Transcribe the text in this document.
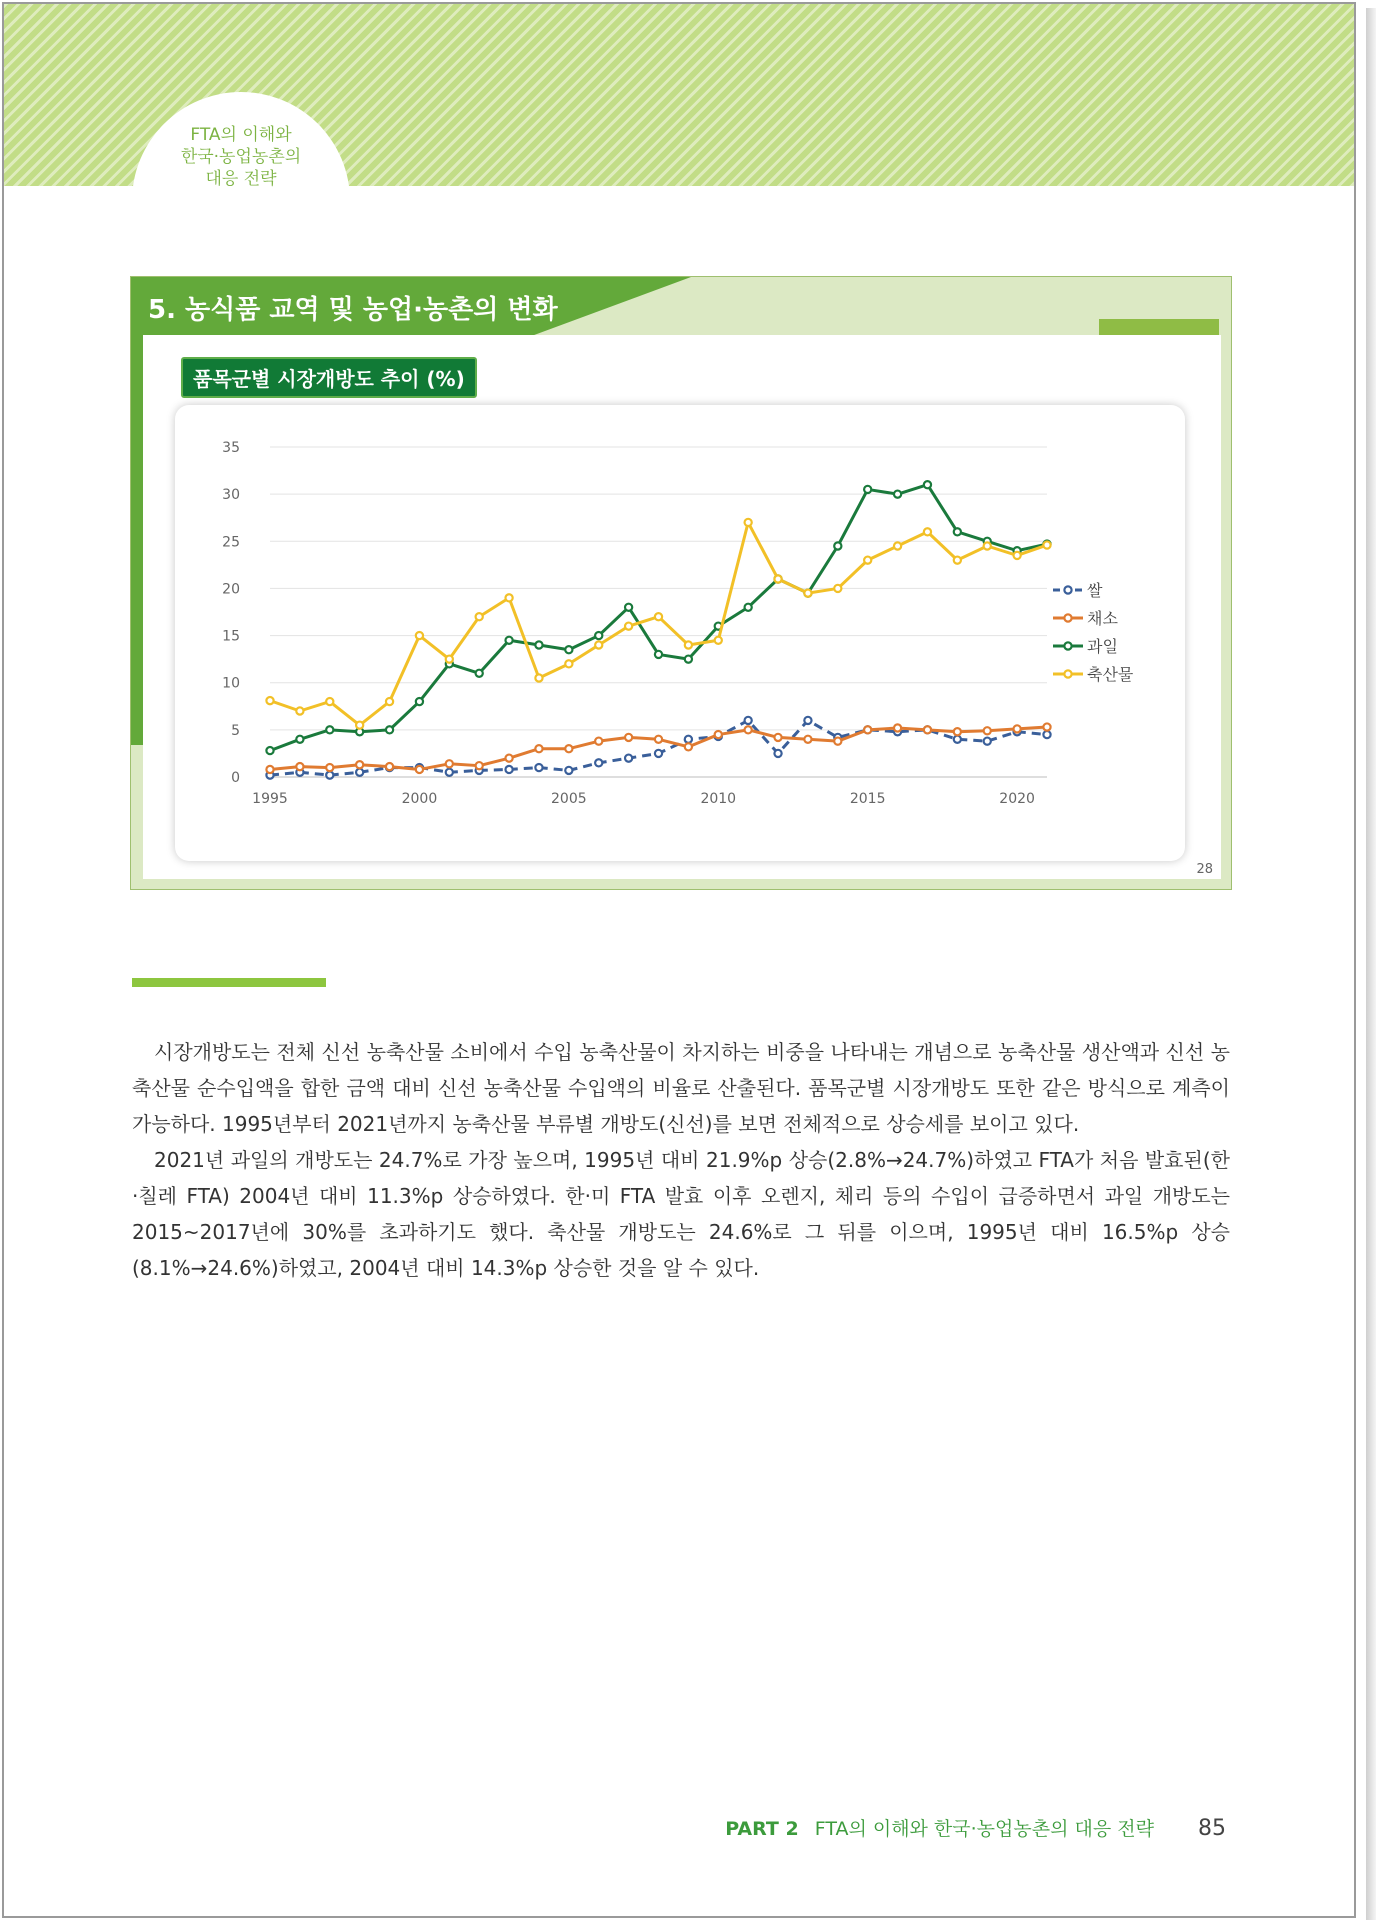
FTA의 이해와
한국·농업농촌의
대응 전략
5. 농식품 교역 및 농업·농촌의 변화
품목군별 시장개방도 추이 (%)
0
5
10
15
20
25
30
35
1995	2000	2005	2010	2015	2020
쌀
채소
과일
축산물
28

시장개방도는 전체 신선 농축산물 소비에서 수입 농축산물이 차지하는 비중을 나타내는 개념으로 농축산물 생산액과 신선 농축산물 순수입액을 합한 금액 대비 신선 농축산물 수입액의 비율로 산출된다. 품목군별 시장개방도 또한 같은 방식으로 계측이 가능하다. 1995년부터 2021년까지 농축산물 부류별 개방도(신선)를 보면 전체적으로 상승세를 보이고 있다.

2021년 과일의 개방도는 24.7%로 가장 높으며, 1995년 대비 21.9%p 상승(2.8%→24.7%)하였고 FTA가 처음 발효된(한·칠레 FTA) 2004년 대비 11.3%p 상승하였다. 한·미 FTA 발효 이후 오렌지, 체리 등의 수입이 급증하면서 과일 개방도는 2015~2017년에 30%를 초과하기도 했다. 축산물 개방도는 24.6%로 그 뒤를 이으며, 1995년 대비 16.5%p 상승(8.1%→24.6%)하였고, 2004년 대비 14.3%p 상승한 것을 알 수 있다.

PART 2 FTA의 이해와 한국·농업농촌의 대응 전략 85
